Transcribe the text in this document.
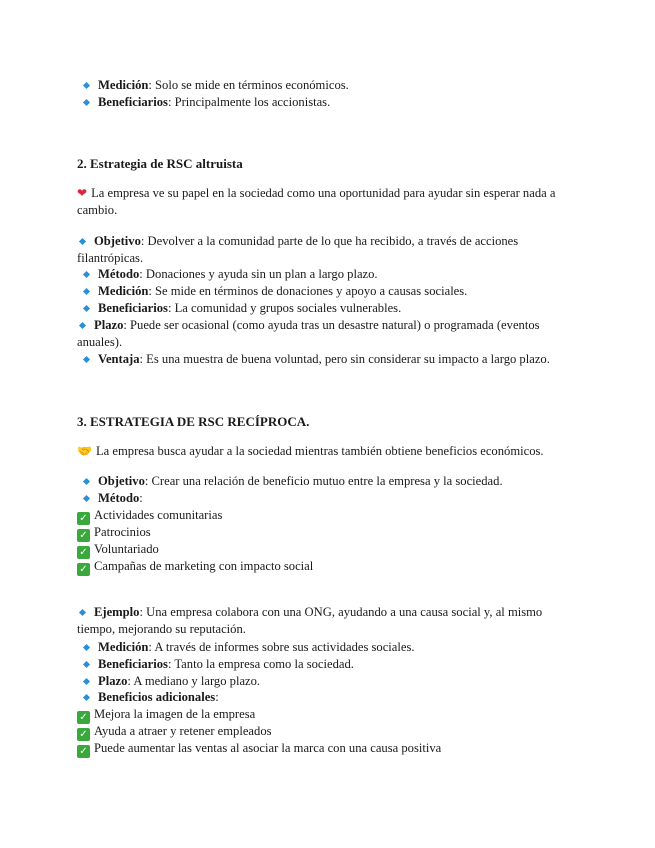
Medición: Solo se mide en términos económicos.
Beneficiarios: Principalmente los accionistas.
2. Estrategia de RSC altruista
❤ La empresa ve su papel en la sociedad como una oportunidad para ayudar sin esperar nada a cambio.
Objetivo: Devolver a la comunidad parte de lo que ha recibido, a través de acciones filantrópicas.
Método: Donaciones y ayuda sin un plan a largo plazo.
Medición: Se mide en términos de donaciones y apoyo a causas sociales.
Beneficiarios: La comunidad y grupos sociales vulnerables.
Plazo: Puede ser ocasional (como ayuda tras un desastre natural) o programada (eventos anuales).
Ventaja: Es una muestra de buena voluntad, pero sin considerar su impacto a largo plazo.
3. ESTRATEGIA DE RSC RECÍPROCA.
🤝 La empresa busca ayudar a la sociedad mientras también obtiene beneficios económicos.
Objetivo: Crear una relación de beneficio mutuo entre la empresa y la sociedad.
Método:
✓ Actividades comunitarias
✓ Patrocinios
✓ Voluntariado
✓ Campañas de marketing con impacto social
Ejemplo: Una empresa colabora con una ONG, ayudando a una causa social y, al mismo tiempo, mejorando su reputación.
Medición: A través de informes sobre sus actividades sociales.
Beneficiarios: Tanto la empresa como la sociedad.
Plazo: A mediano y largo plazo.
Beneficios adicionales:
✓ Mejora la imagen de la empresa
✓ Ayuda a atraer y retener empleados
✓ Puede aumentar las ventas al asociar la marca con una causa positiva
